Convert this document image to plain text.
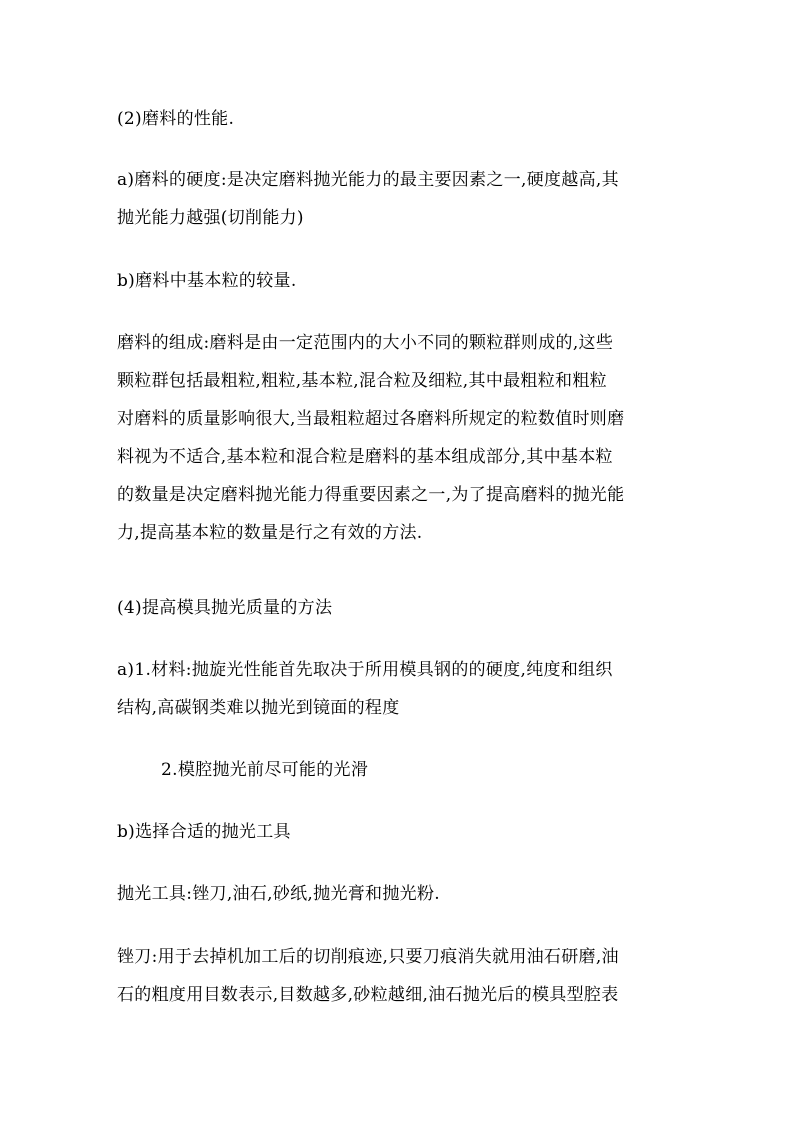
(2)磨料的性能.
a)磨料的硬度:是决定磨料抛光能力的最主要因素之一,硬度越高,其
抛光能力越强(切削能力)
b)磨料中基本粒的较量.
磨料的组成:磨料是由一定范围内的大小不同的颗粒群则成的,这些
颗粒群包括最粗粒,粗粒,基本粒,混合粒及细粒,其中最粗粒和粗粒
对磨料的质量影响很大,当最粗粒超过各磨料所规定的粒数值时则磨
料视为不适合,基本粒和混合粒是磨料的基本组成部分,其中基本粒
的数量是决定磨料抛光能力得重要因素之一,为了提高磨料的抛光能
力,提高基本粒的数量是行之有效的方法.
(4)提高模具抛光质量的方法
a)1.材料:抛旋光性能首先取决于所用模具钢的的硬度,纯度和组织
结构,高碳钢类难以抛光到镜面的程度
2.模腔抛光前尽可能的光滑
b)选择合适的抛光工具
抛光工具:锉刀,油石,砂纸,抛光膏和抛光粉.
锉刀:用于去掉机加工后的切削痕迹,只要刀痕消失就用油石研磨,油
石的粗度用目数表示,目数越多,砂粒越细,油石抛光后的模具型腔表
